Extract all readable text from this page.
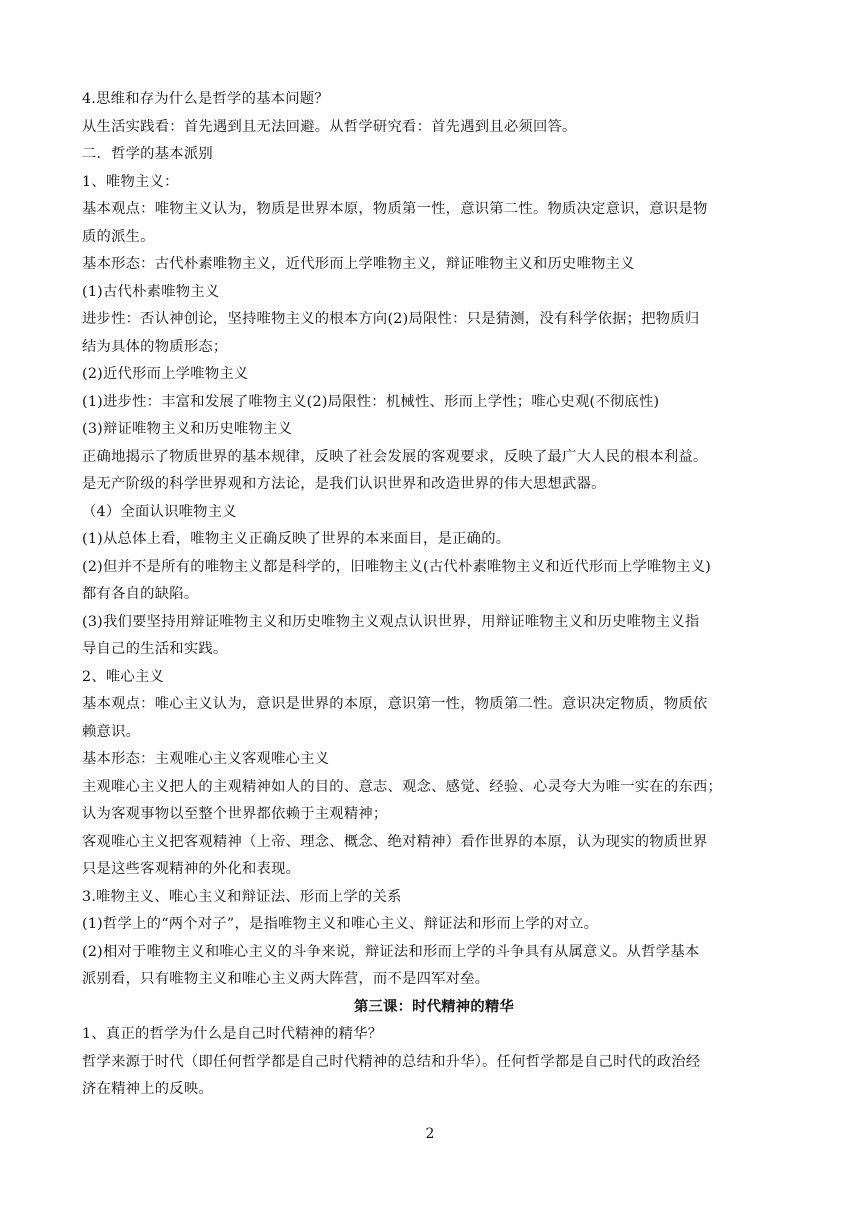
4.思维和存为什么是哲学的基本问题？

从生活实践看：首先遇到且无法回避。从哲学研究看：首先遇到且必须回答。

二．哲学的基本派别

1、唯物主义：

基本观点：唯物主义认为，物质是世界本原，物质第一性，意识第二性。物质决定意识，意识是物

质的派生。

基本形态：古代朴素唯物主义，近代形而上学唯物主义，辩证唯物主义和历史唯物主义

(1)古代朴素唯物主义

进步性：否认神创论，坚持唯物主义的根本方向(2)局限性：只是猜测，没有科学依据；把物质归

结为具体的物质形态；

(2)近代形而上学唯物主义

(1)进步性：丰富和发展了唯物主义(2)局限性：机械性、形而上学性；唯心史观(不彻底性)

(3)辩证唯物主义和历史唯物主义

正确地揭示了物质世界的基本规律，反映了社会发展的客观要求，反映了最广大人民的根本利益。

是无产阶级的科学世界观和方法论，是我们认识世界和改造世界的伟大思想武器。

（4）全面认识唯物主义

(1)从总体上看，唯物主义正确反映了世界的本来面目，是正确的。

(2)但并不是所有的唯物主义都是科学的，旧唯物主义(古代朴素唯物主义和近代形而上学唯物主义)

都有各自的缺陷。

(3)我们要坚持用辩证唯物主义和历史唯物主义观点认识世界，用辩证唯物主义和历史唯物主义指

导自己的生活和实践。

2、唯心主义

基本观点：唯心主义认为，意识是世界的本原，意识第一性，物质第二性。意识决定物质，物质依

赖意识。

基本形态：主观唯心主义客观唯心主义

主观唯心主义把人的主观精神如人的目的、意志、观念、感觉、经验、心灵夸大为唯一实在的东西；

认为客观事物以至整个世界都依赖于主观精神；

客观唯心主义把客观精神（上帝、理念、概念、绝对精神）看作世界的本原，认为现实的物质世界

只是这些客观精神的外化和表现。

3.唯物主义、唯心主义和辩证法、形而上学的关系

(1)哲学上的“两个对子”，是指唯物主义和唯心主义、辩证法和形而上学的对立。

(2)相对于唯物主义和唯心主义的斗争来说，辩证法和形而上学的斗争具有从属意义。从哲学基本

派别看，只有唯物主义和唯心主义两大阵营，而不是四军对垒。

第三课：时代精神的精华

1、真正的哲学为什么是自己时代精神的精华？

哲学来源于时代（即任何哲学都是自己时代精神的总结和升华）。任何哲学都是自己时代的政治经

济在精神上的反映。

2
